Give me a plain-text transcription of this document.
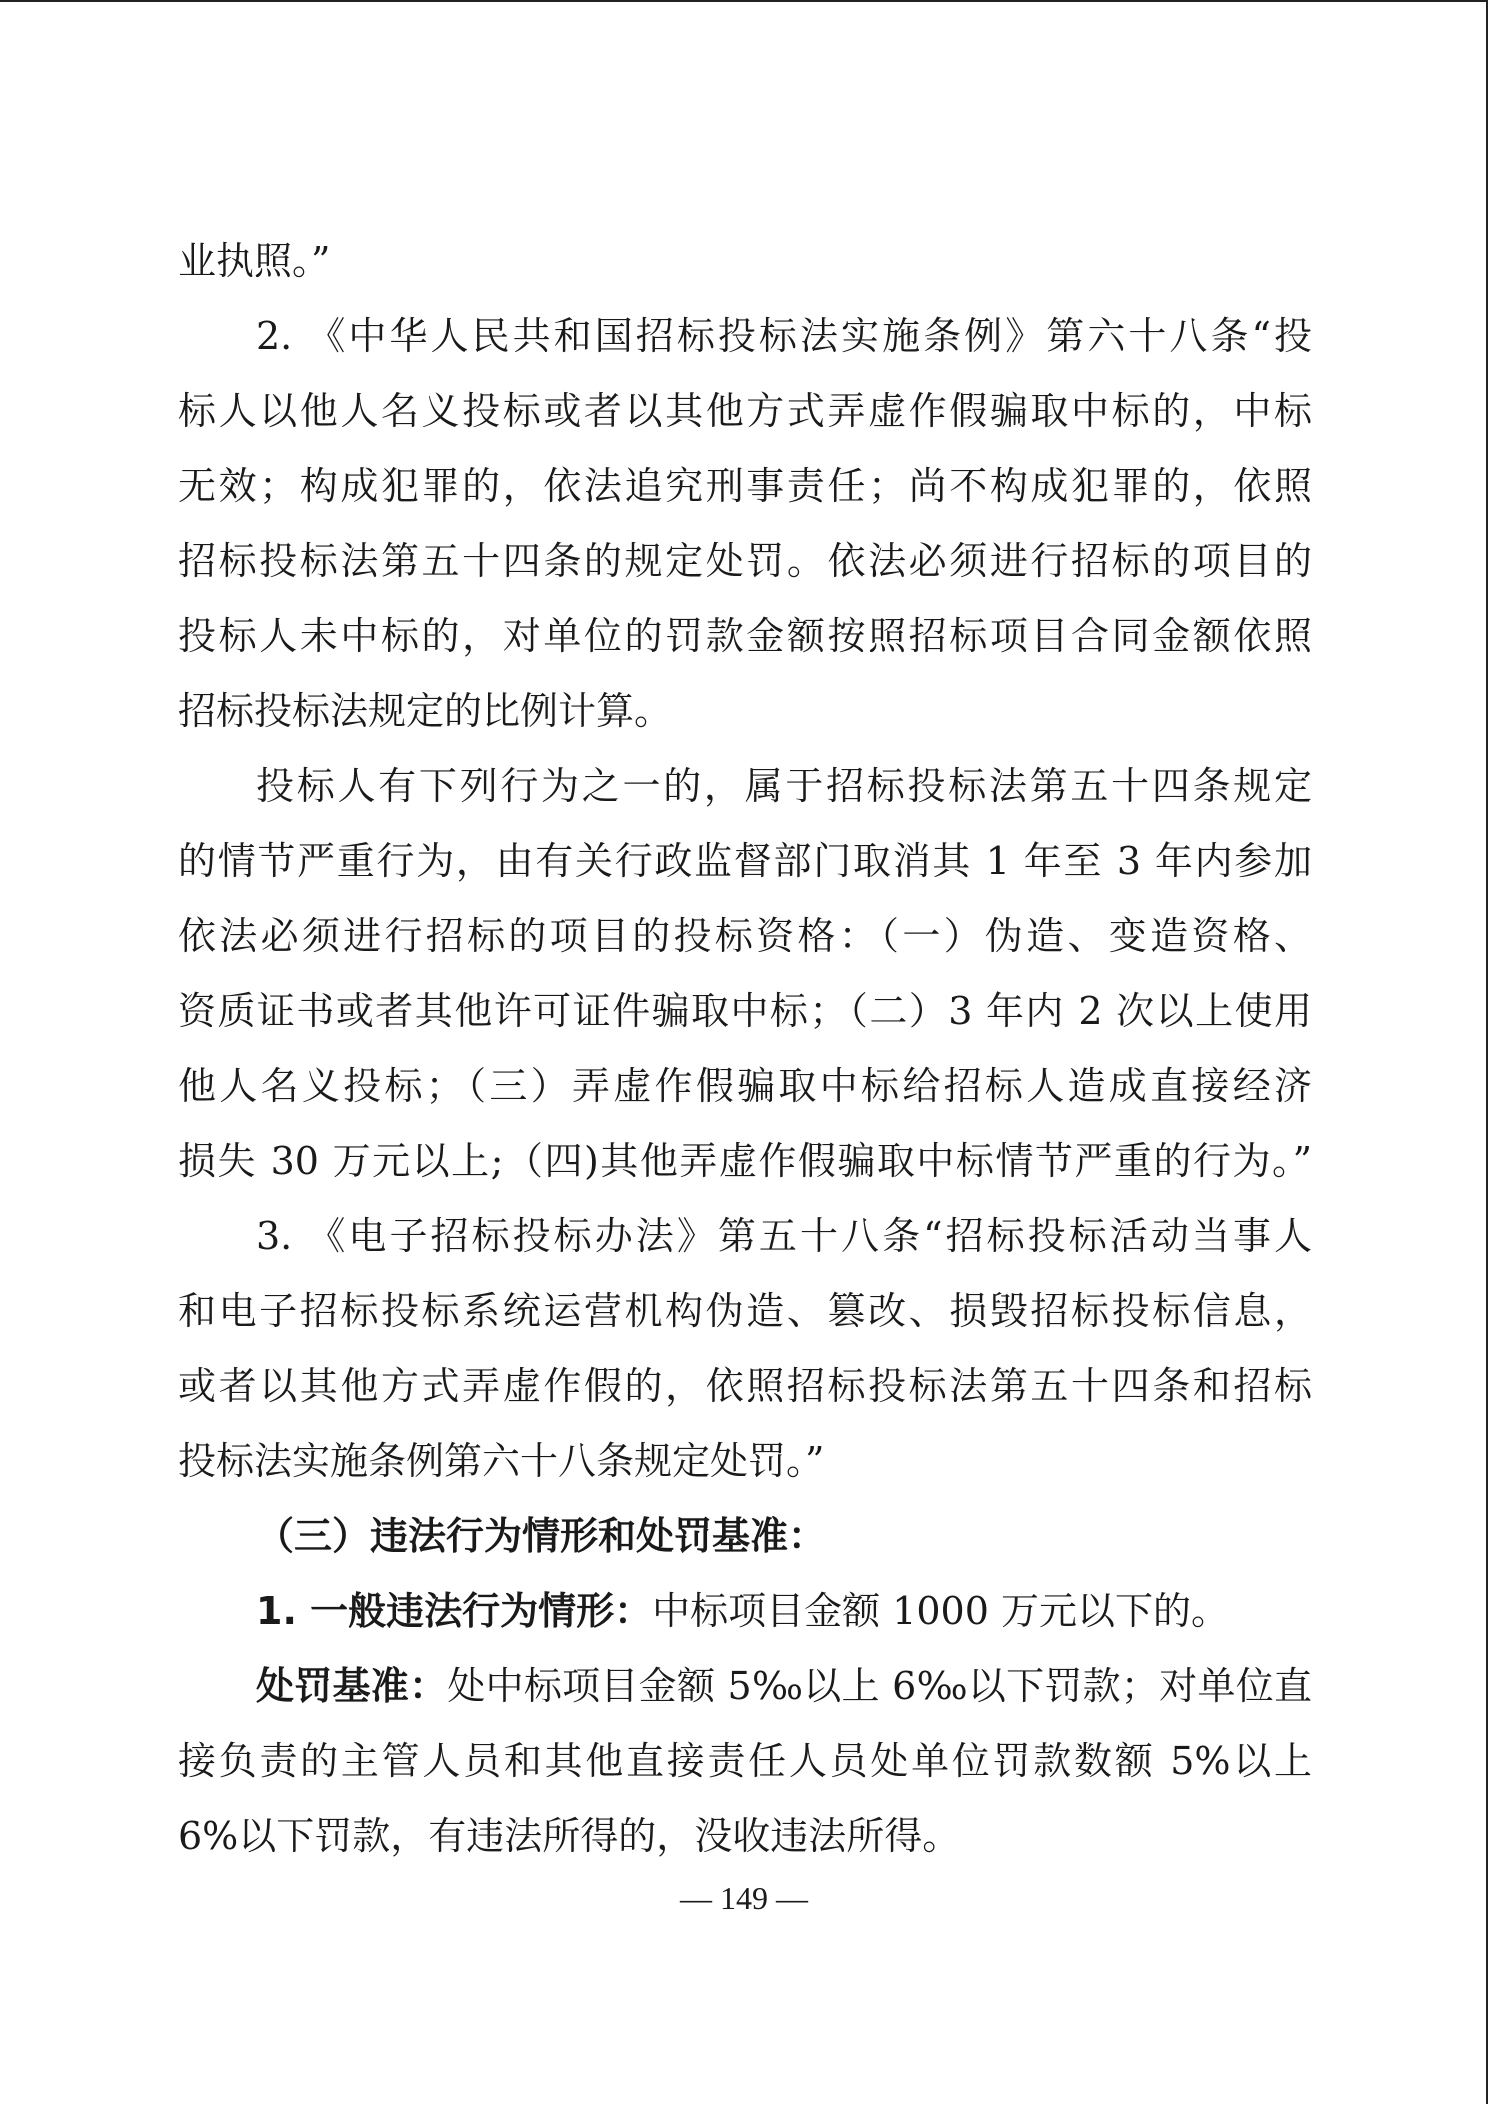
业执照。”
2. 《中华人民共和国招标投标法实施条例》第六十八条“投
标人以他人名义投标或者以其他方式弄虚作假骗取中标的，中标
无效；构成犯罪的，依法追究刑事责任；尚不构成犯罪的，依照
招标投标法第五十四条的规定处罚。依法必须进行招标的项目的
投标人未中标的，对单位的罚款金额按照招标项目合同金额依照
招标投标法规定的比例计算。
投标人有下列行为之一的，属于招标投标法第五十四条规定
的情节严重行为，由有关行政监督部门取消其 1 年至 3 年内参加
依法必须进行招标的项目的投标资格：（一）伪造、变造资格、
资质证书或者其他许可证件骗取中标；（二）3 年内 2 次以上使用
他人名义投标；（三）弄虚作假骗取中标给招标人造成直接经济
损失 30 万元以上;（四)其他弄虚作假骗取中标情节严重的行为。”
3. 《电子招标投标办法》第五十八条“招标投标活动当事人
和电子招标投标系统运营机构伪造、篡改、损毁招标投标信息，
或者以其他方式弄虚作假的，依照招标投标法第五十四条和招标
投标法实施条例第六十八条规定处罚。”
（三）违法行为情形和处罚基准：
1. 一般违法行为情形：中标项目金额 1000 万元以下的。
处罚基准：处中标项目金额 5‰以上 6‰以下罚款；对单位直
接负责的主管人员和其他直接责任人员处单位罚款数额 5%以上
6%以下罚款，有违法所得的，没收违法所得。
— 149 —
